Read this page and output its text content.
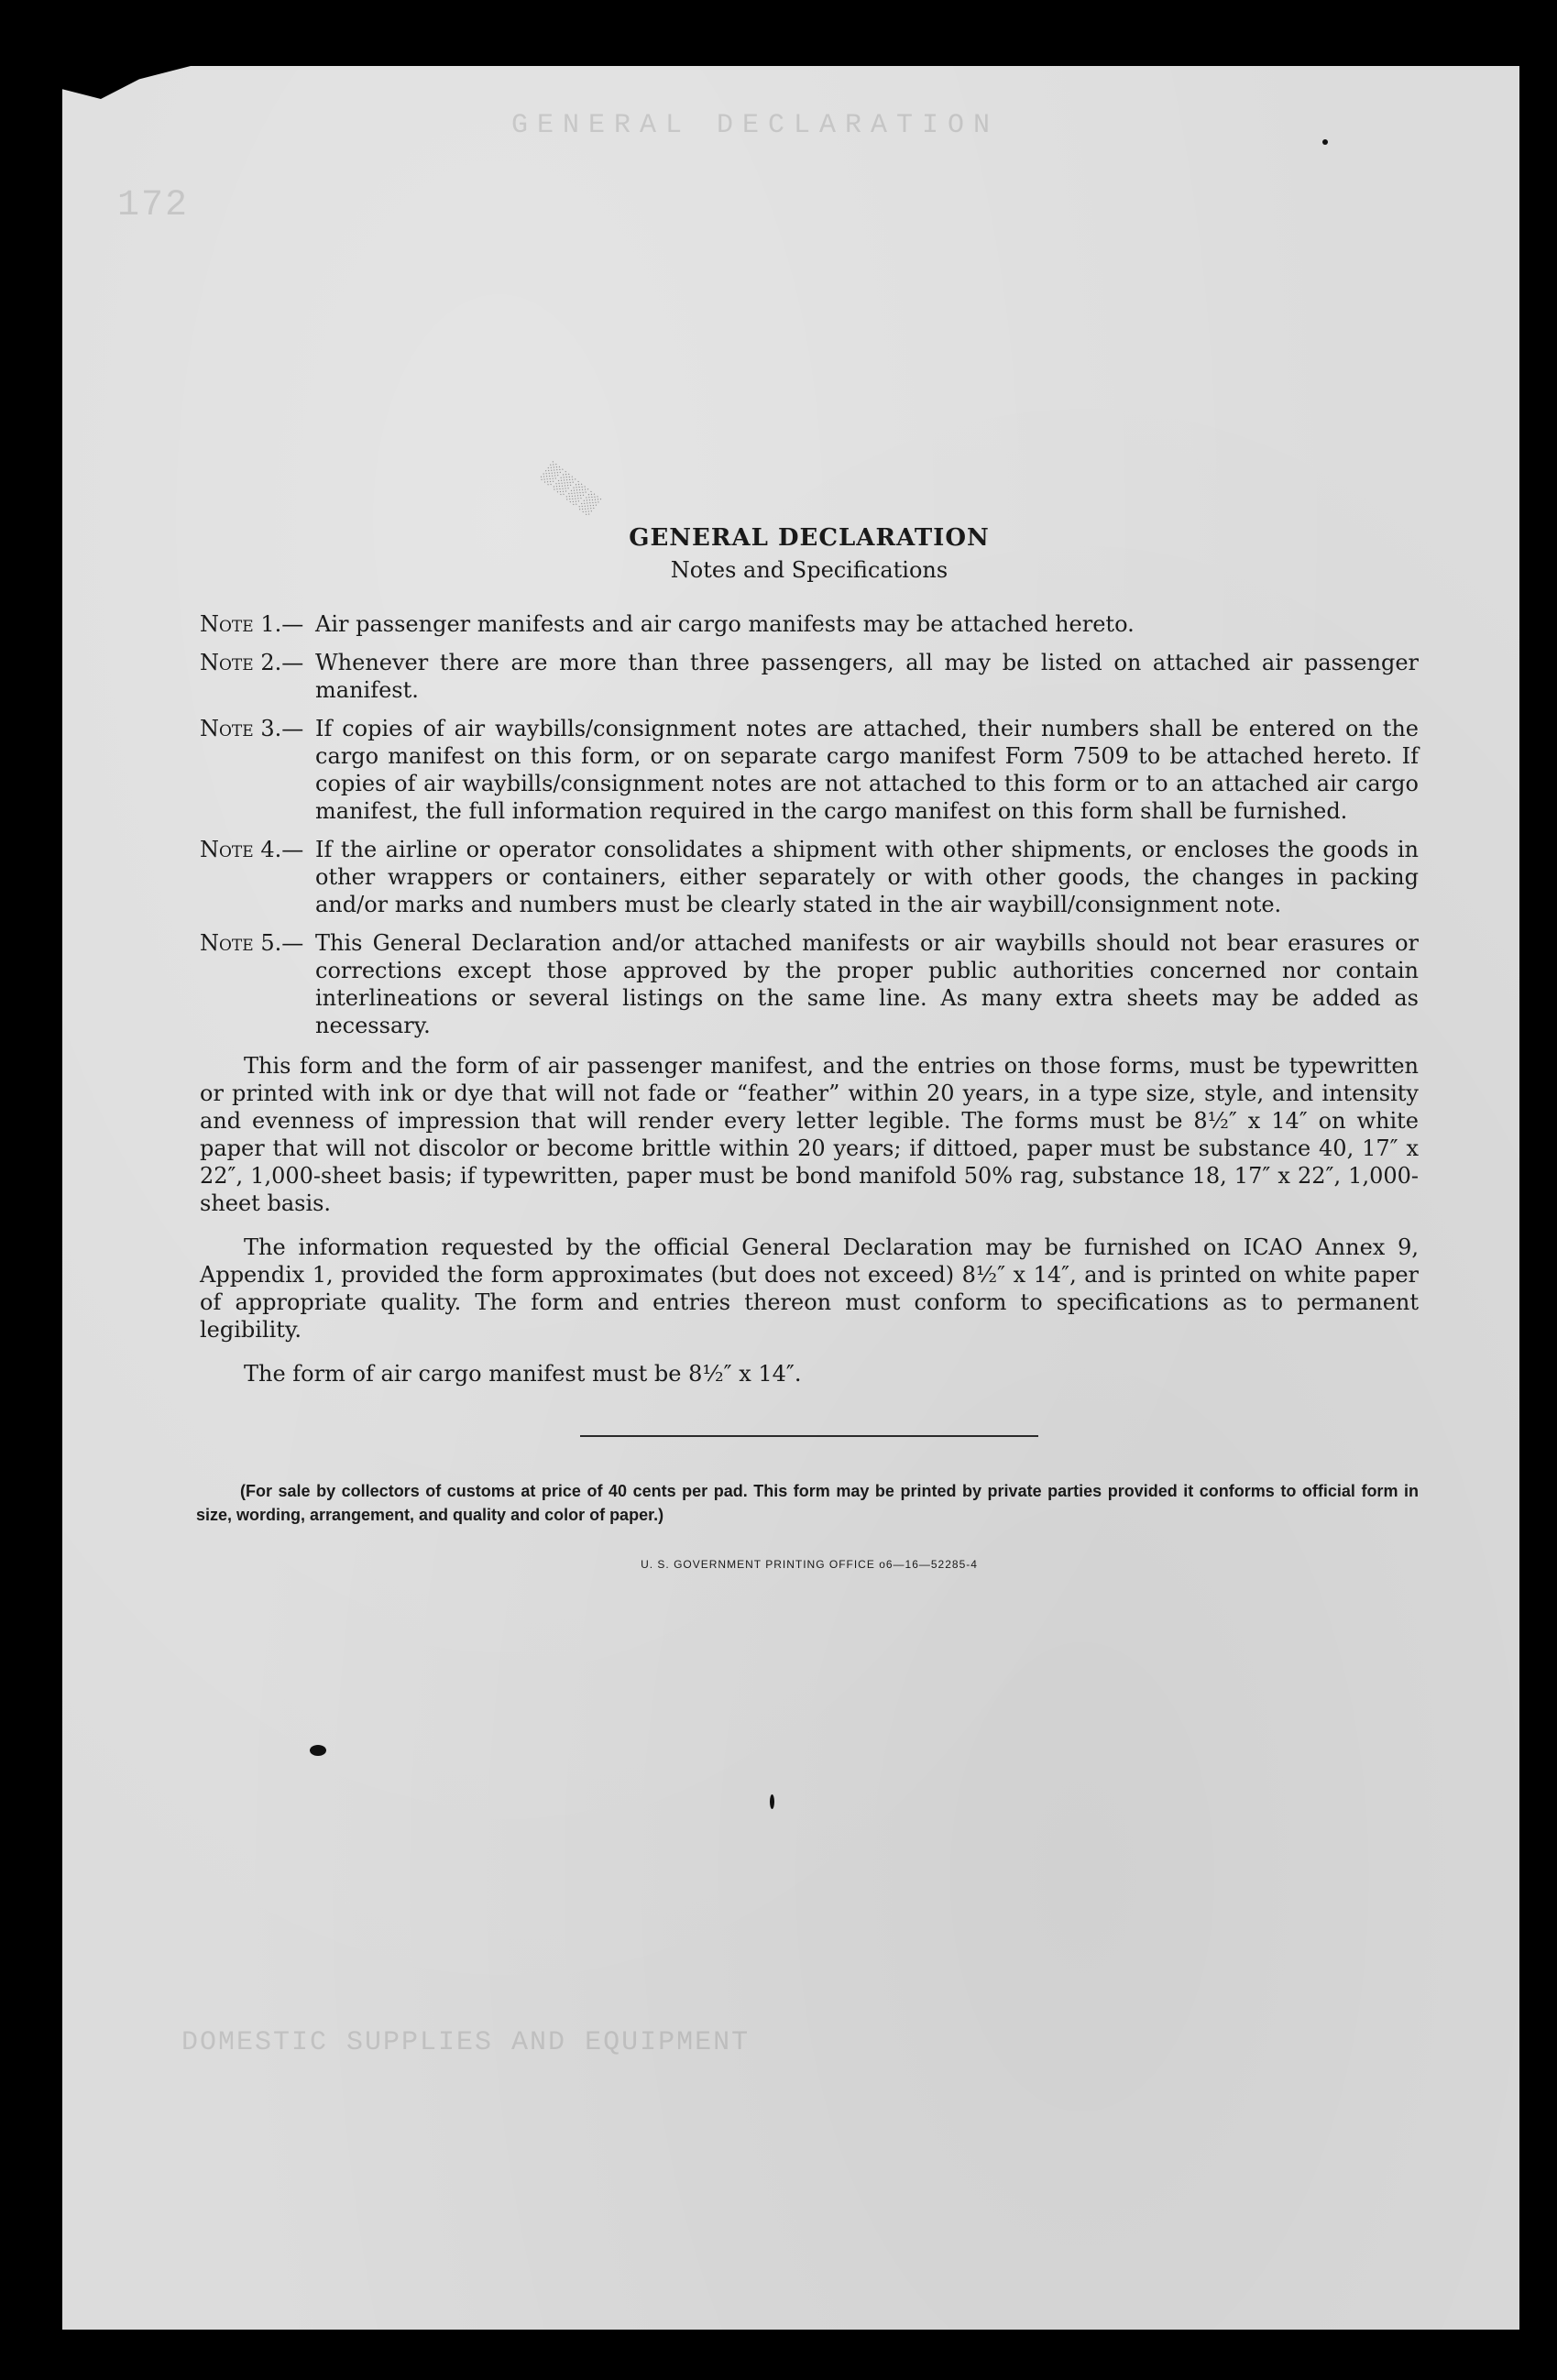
GENERAL DECLARATION
172
DOMESTIC SUPPLIES AND EQUIPMENT
░░░░
GENERAL DECLARATION
Notes and Specifications
Note 1.— Air passenger manifests and air cargo manifests may be attached hereto.
Note 2.— Whenever there are more than three passengers, all may be listed on attached air passenger manifest.
Note 3.— If copies of air waybills/consignment notes are attached, their numbers shall be entered on the cargo manifest on this form, or on separate cargo manifest Form 7509 to be attached hereto. If copies of air waybills/consignment notes are not attached to this form or to an attached air cargo manifest, the full information required in the cargo manifest on this form shall be furnished.
Note 4.— If the airline or operator consolidates a shipment with other shipments, or encloses the goods in other wrappers or containers, either separately or with other goods, the changes in packing and/or marks and numbers must be clearly stated in the air waybill/consignment note.
Note 5.— This General Declaration and/or attached manifests or air waybills should not bear erasures or corrections except those approved by the proper public authorities concerned nor contain interlineations or several listings on the same line. As many extra sheets may be added as necessary.

This form and the form of air passenger manifest, and the entries on those forms, must be typewritten or printed with ink or dye that will not fade or “feather” within 20 years, in a type size, style, and intensity and evenness of impression that will render every letter legible. The forms must be 8½″ x 14″ on white paper that will not discolor or become brittle within 20 years; if dittoed, paper must be substance 40, 17″ x 22″, 1,000-sheet basis; if typewritten, paper must be bond manifold 50% rag, substance 18, 17″ x 22″, 1,000-sheet basis.

The information requested by the official General Declaration may be furnished on ICAO Annex 9, Appendix 1, provided the form approximates (but does not exceed) 8½″ x 14″, and is printed on white paper of appropriate quality. The form and entries thereon must conform to specifications as to permanent legibility.

The form of air cargo manifest must be 8½″ x 14″.

(For sale by collectors of customs at price of 40 cents per pad. This form may be printed by private parties provided it conforms to official form in size, wording, arrangement, and quality and color of paper.)
U. S. GOVERNMENT PRINTING OFFICE o6—16—52285-4
